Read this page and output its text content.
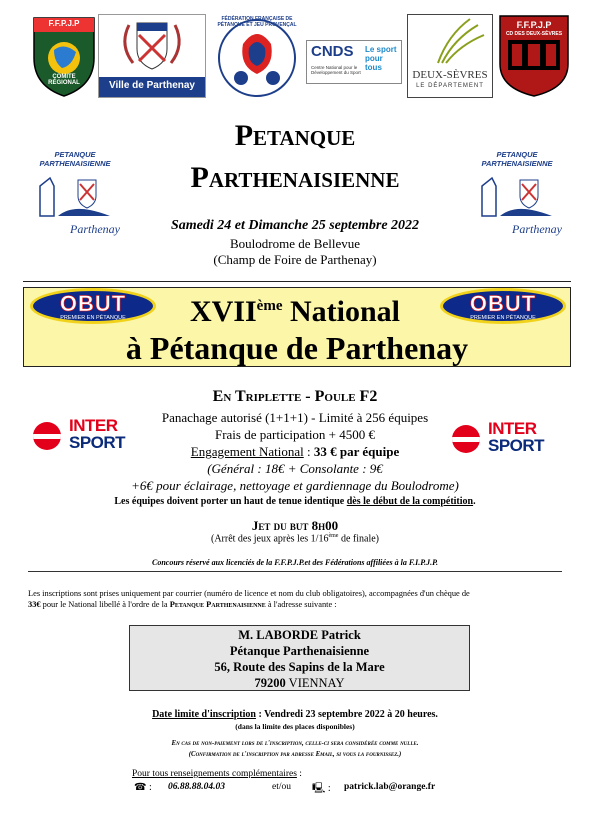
F.F.P.J.P
COMITE RÉGIONAL	Ville de Parthenay
FÉDÉRATION FRANÇAISE DE PÉTANQUE ET JEU PROVENÇAL
CNDS Le sport pour tous
Centre National pour le Développement du Sport	DEUX-SÈVRES
LE DÉPARTEMENT
F.F.P.J.P
CD DES DEUX-SÈVRES
PETANQUE PARTHENAISIENNE
Parthenay
PETANQUE PARTHENAISIENNE
Parthenay
Petanque
Parthenaisienne
Samedi 24 et Dimanche 25 septembre 2022
Boulodrome de Bellevue
(Champ de Foire de Parthenay)
OBUT
PREMIER EN PÉTANQUE
OBUT
PREMIER EN PÉTANQUE
XVIIème National
à Pétanque de Parthenay
INTER
SPORT
INTER
SPORT
En Triplette - Poule F2
Panachage autorisé (1+1+1) - Limité à 256 équipes
Frais de participation + 4500 €
Engagement National : 33 € par équipe
(Général : 18€ + Consolante : 9€
+6€ pour éclairage, nettoyage et gardiennage du Boulodrome)
Les équipes doivent porter un haut de tenue identique dès le début de la compétition.
Jet du but 8h00
(Arrêt des jeux après les 1/16ème de finale)
Concours réservé aux licenciés de la F.F.P.J.P.et des Fédérations affiliées à la F.I.P.J.P.
Les inscriptions sont prises uniquement par courrier (numéro de licence et nom du club obligatoires), accompagnées d'un chèque de
33€ pour le National libellé à l'ordre de la Petanque Parthenaisienne à l'adresse suivante :
M. LABORDE Patrick
Pétanque Parthenaisienne
56, Route des Sapins de la Mare
79200 VIENNAY
Date limite d'inscription : Vendredi 23 septembre 2022 à 20 heures.
(dans la limite des places disponibles)
En cas de non-paiement lors de l'inscription, celle-ci sera considérée comme nulle.
(Confirmation de l'inscription par adresse Email, si vous la fournissez.)
Pour tous renseignements complémentaires :
☎ : 06.88.88.04.03	et/ou 🖳 : patrick.lab@orange.fr
